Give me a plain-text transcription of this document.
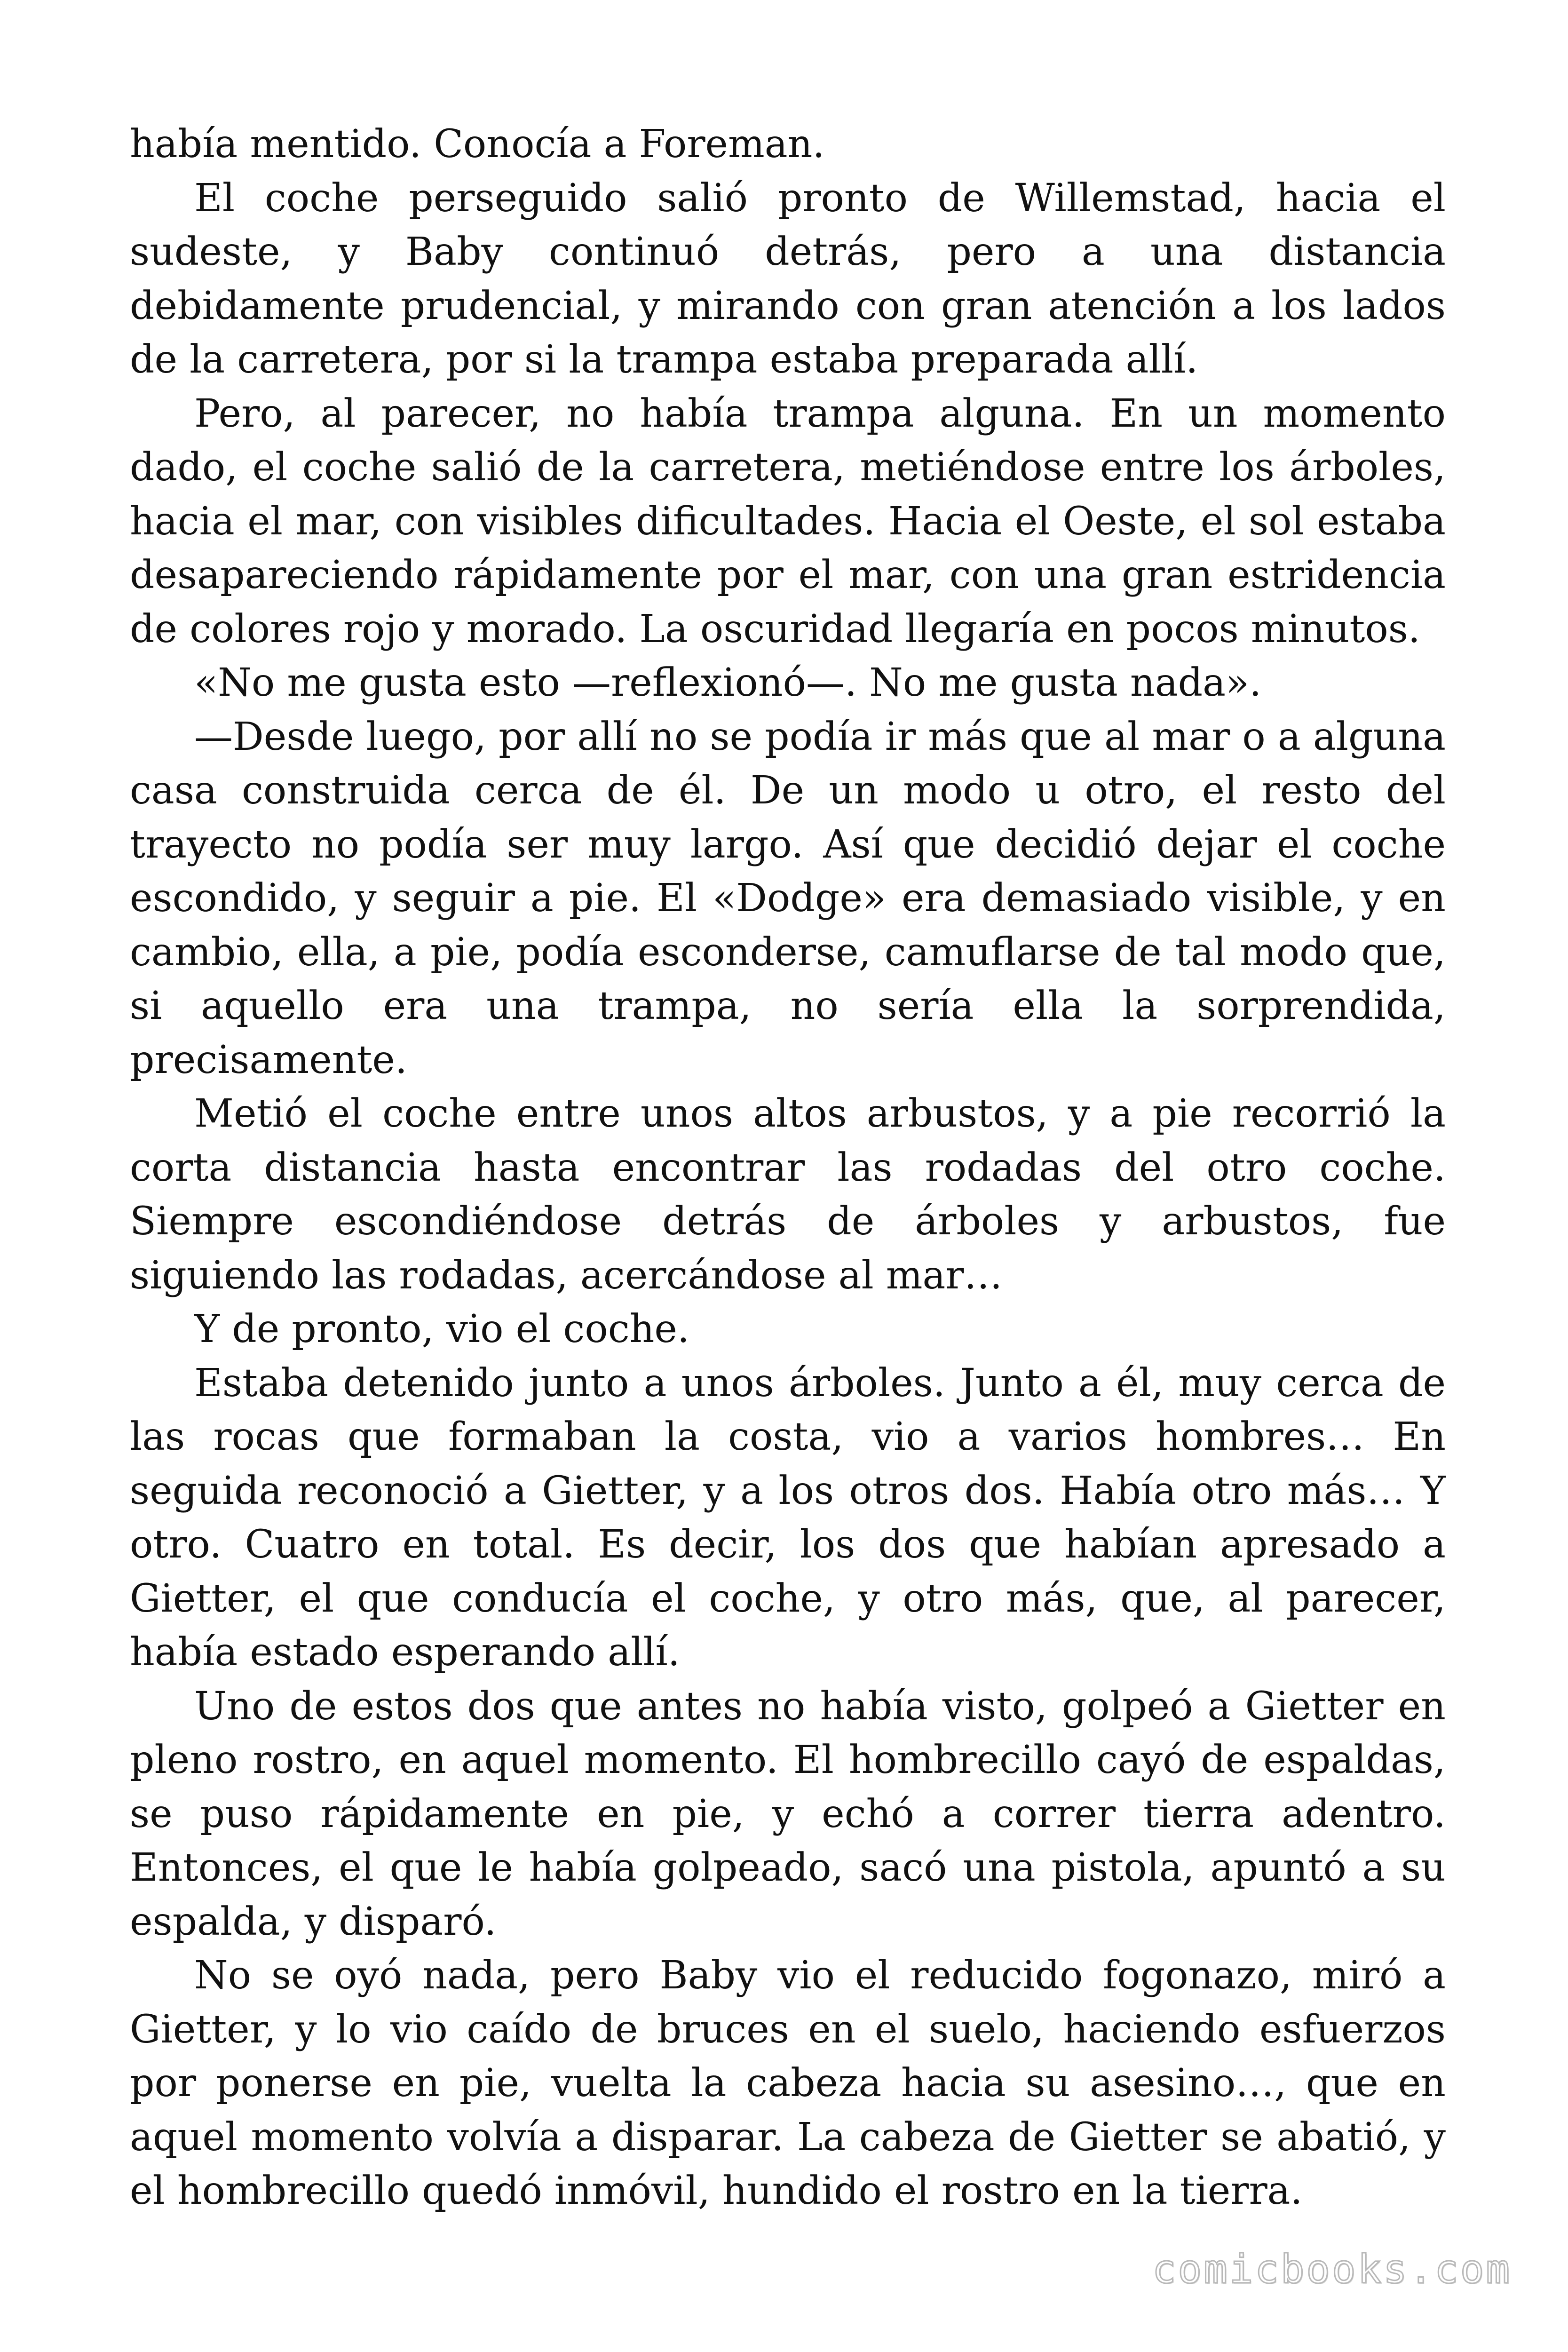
había mentido. Conocía a Foreman.

El coche perseguido salió pronto de Willemstad, hacia el sudeste, y Baby continuó detrás, pero a una distancia debidamente prudencial, y mirando con gran atención a los lados de la carretera, por si la trampa estaba preparada allí.

Pero, al parecer, no había trampa alguna. En un momento dado, el coche salió de la carretera, metiéndose entre los árboles, hacia el mar, con visibles dificultades. Hacia el Oeste, el sol estaba desapareciendo rápidamente por el mar, con una gran estridencia de colores rojo y morado. La oscuridad llegaría en pocos minutos.

«No me gusta esto —reflexionó—. No me gusta nada».

—Desde luego, por allí no se podía ir más que al mar o a alguna casa construida cerca de él. De un modo u otro, el resto del trayecto no podía ser muy largo. Así que decidió dejar el coche escondido, y seguir a pie. El «Dodge» era demasiado visible, y en cambio, ella, a pie, podía esconderse, camuflarse de tal modo que, si aquello era una trampa, no sería ella la sorprendida, precisamente.

Metió el coche entre unos altos arbustos, y a pie recorrió la corta distancia hasta encontrar las rodadas del otro coche. Siempre escondiéndose detrás de árboles y arbustos, fue siguiendo las rodadas, acercándose al mar…

Y de pronto, vio el coche.

Estaba detenido junto a unos árboles. Junto a él, muy cerca de las rocas que formaban la costa, vio a varios hombres… En seguida reconoció a Gietter, y a los otros dos. Había otro más… Y otro. Cuatro en total. Es decir, los dos que habían apresado a Gietter, el que conducía el coche, y otro más, que, al parecer, había estado esperando allí.

Uno de estos dos que antes no había visto, golpeó a Gietter en pleno rostro, en aquel momento. El hombrecillo cayó de espaldas, se puso rápidamente en pie, y echó a correr tierra adentro. Entonces, el que le había golpeado, sacó una pistola, apuntó a su espalda, y disparó.

No se oyó nada, pero Baby vio el reducido fogonazo, miró a Gietter, y lo vio caído de bruces en el suelo, haciendo esfuerzos por ponerse en pie, vuelta la cabeza hacia su asesino…, que en aquel momento volvía a disparar. La cabeza de Gietter se abatió, y el hombrecillo quedó inmóvil, hundido el rostro en la tierra.

comicbooks.com
